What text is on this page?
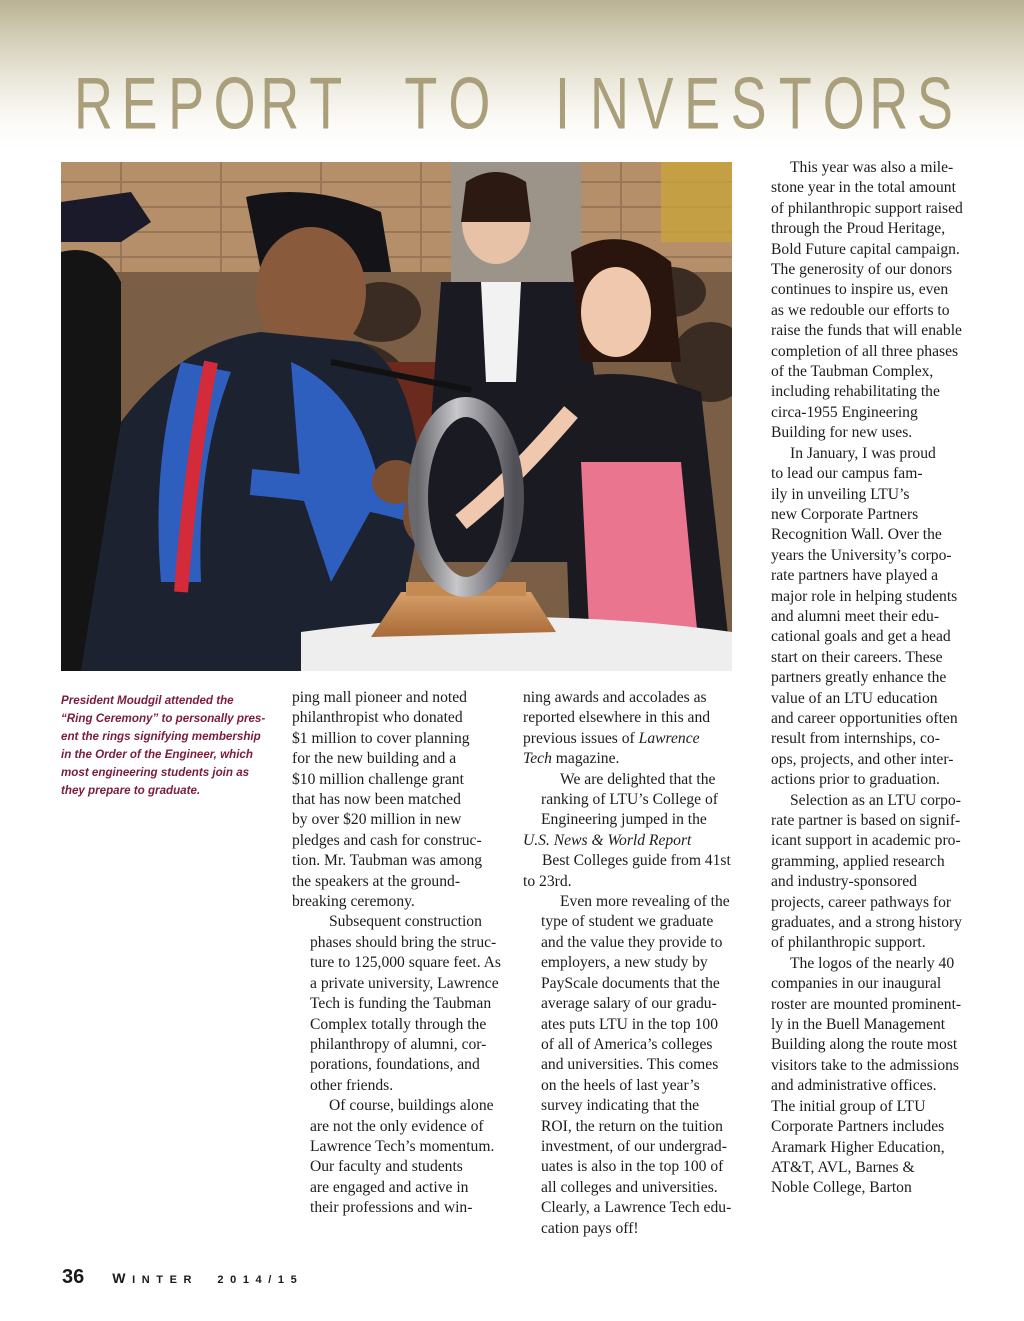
R E P O R T T O I N V E S T O R S
President Moudgil attended the
“Ring Ceremony” to personally pres-
ent the rings signifying membership
in the Order of the Engineer, which
most engineering students join as
they prepare to graduate.
ping mall pioneer and noted
philanthropist who donated
$1 million to cover planning
for the new building and a
$10 million challenge grant
that has now been matched
by over $20 million in new
pledges and cash for construc-
tion. Mr. Taubman was among
the speakers at the ground-
breaking ceremony.
Subsequent construction
phases should bring the struc-
ture to 125,000 square feet. As
a private university, Lawrence
Tech is funding the Taubman
Complex totally through the
philanthropy of alumni, cor-
porations, foundations, and
other friends.
Of course, buildings alone
are not the only evidence of
Lawrence Tech’s momentum.
Our faculty and students
are engaged and active in
their professions and win-
ning awards and accolades as
reported elsewhere in this and
previous issues of Lawrence
Tech magazine.
We are delighted that the
ranking of LTU’s College of
Engineering jumped in the
U.S. News & World Report
Best Colleges guide from 41st
to 23rd.
Even more revealing of the
type of student we graduate
and the value they provide to
employers, a new study by
PayScale documents that the
average salary of our gradu-
ates puts LTU in the top 100
of all of America’s colleges
and universities. This comes
on the heels of last year’s
survey indicating that the
ROI, the return on the tuition
investment, of our undergrad-
uates is also in the top 100 of
all colleges and universities.
Clearly, a Lawrence Tech edu-
cation pays off!
This year was also a mile-
stone year in the total amount
of philanthropic support raised
through the Proud Heritage,
Bold Future capital campaign.
The generosity of our donors
continues to inspire us, even
as we redouble our efforts to
raise the funds that will enable
completion of all three phases
of the Taubman Complex,
including rehabilitating the
circa-1955 Engineering
Building for new uses.
In January, I was proud
to lead our campus fam-
ily in unveiling LTU’s
new Corporate Partners
Recognition Wall. Over the
years the University’s corpo-
rate partners have played a
major role in helping students
and alumni meet their edu-
cational goals and get a head
start on their careers. These
partners greatly enhance the
value of an LTU education
and career opportunities often
result from internships, co-
ops, projects, and other inter-
actions prior to graduation.
Selection as an LTU corpo-
rate partner is based on signif-
icant support in academic pro-
gramming, applied research
and industry-sponsored
projects, career pathways for
graduates, and a strong history
of philanthropic support.
The logos of the nearly 40
companies in our inaugural
roster are mounted prominent-
ly in the Buell Management
Building along the route most
visitors take to the admissions
and administrative offices.
The initial group of LTU
Corporate Partners includes
Aramark Higher Education,
AT&T, AVL, Barnes &
Noble College, Barton
36 WINTER 2014/15
